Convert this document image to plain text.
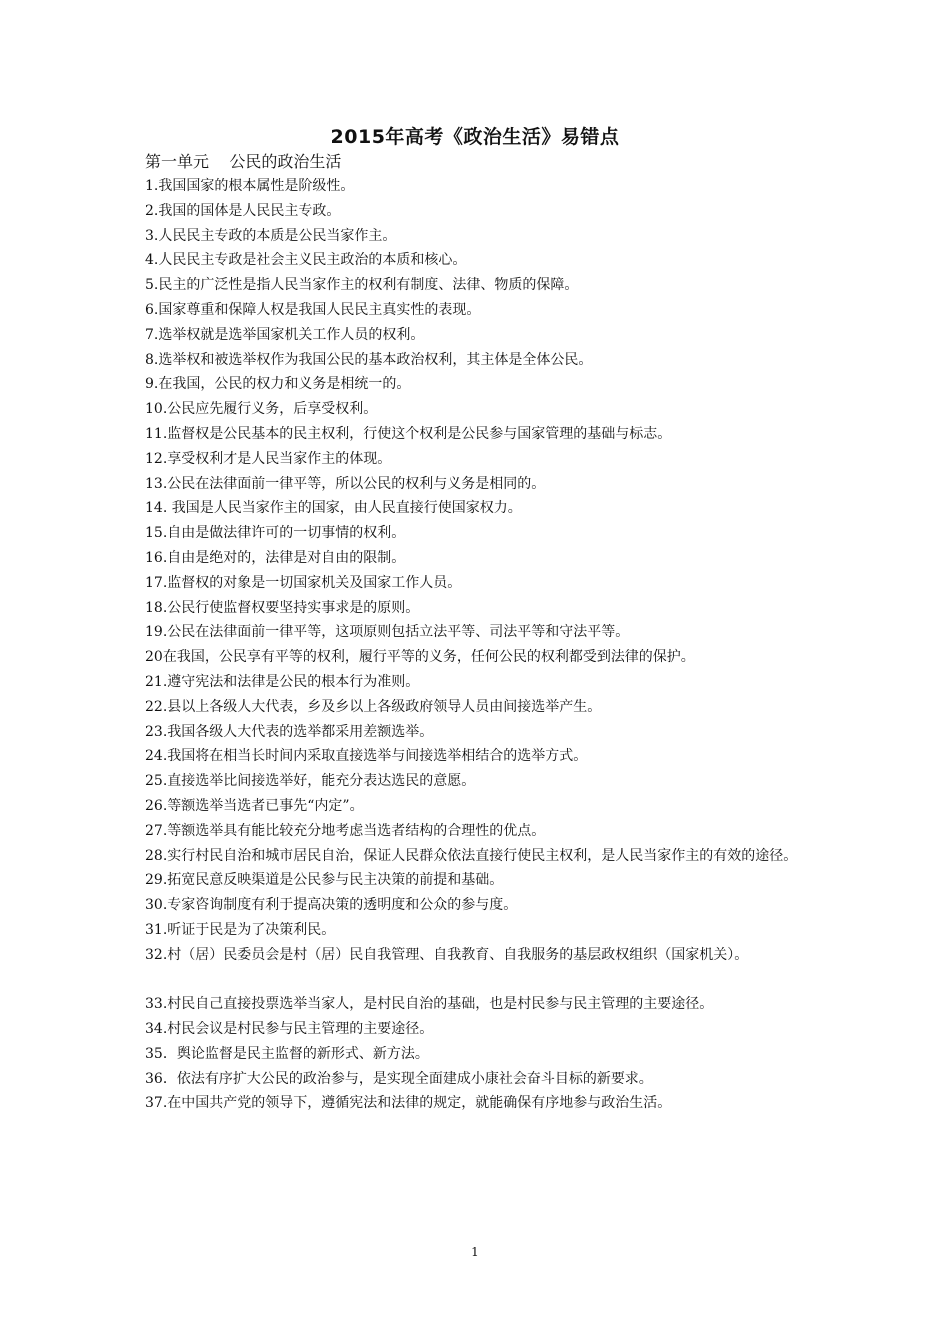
2015年高考《政治生活》易错点
第一单元    公民的政治生活
1.我国国家的根本属性是阶级性。
2.我国的国体是人民民主专政。
3.人民民主专政的本质是公民当家作主。
4.人民民主专政是社会主义民主政治的本质和核心。
5.民主的广泛性是指人民当家作主的权利有制度、法律、物质的保障。
6.国家尊重和保障人权是我国人民民主真实性的表现。
7.选举权就是选举国家机关工作人员的权利。
8.选举权和被选举权作为我国公民的基本政治权利，其主体是全体公民。
9.在我国，公民的权力和义务是相统一的。
10.公民应先履行义务，后享受权利。
11.监督权是公民基本的民主权利，行使这个权利是公民参与国家管理的基础与标志。
12.享受权利才是人民当家作主的体现。
13.公民在法律面前一律平等，所以公民的权利与义务是相同的。
14. 我国是人民当家作主的国家，由人民直接行使国家权力。
15.自由是做法律许可的一切事情的权利。
16.自由是绝对的，法律是对自由的限制。
17.监督权的对象是一切国家机关及国家工作人员。
18.公民行使监督权要坚持实事求是的原则。
19.公民在法律面前一律平等，这项原则包括立法平等、司法平等和守法平等。
20在我国，公民享有平等的权利，履行平等的义务，任何公民的权利都受到法律的保护。
21.遵守宪法和法律是公民的根本行为准则。
22.县以上各级人大代表，乡及乡以上各级政府领导人员由间接选举产生。
23.我国各级人大代表的选举都采用差额选举。
24.我国将在相当长时间内采取直接选举与间接选举相结合的选举方式。
25.直接选举比间接选举好，能充分表达选民的意愿。
26.等额选举当选者已事先“内定”。
27.等额选举具有能比较充分地考虑当选者结构的合理性的优点。
28.实行村民自治和城市居民自治，保证人民群众依法直接行使民主权利，是人民当家作主的有效的途径。
29.拓宽民意反映渠道是公民参与民主决策的前提和基础。
30.专家咨询制度有利于提高决策的透明度和公众的参与度。
31.听证于民是为了决策利民。
32.村（居）民委员会是村（居）民自我管理、自我教育、自我服务的基层政权组织（国家机关）。
33.村民自己直接投票选举当家人，是村民自治的基础，也是村民参与民主管理的主要途径。
34.村民会议是村民参与民主管理的主要途径。
35．舆论监督是民主监督的新形式、新方法。
36．依法有序扩大公民的政治参与，是实现全面建成小康社会奋斗目标的新要求。
37.在中国共产党的领导下，遵循宪法和法律的规定，就能确保有序地参与政治生活。
1
